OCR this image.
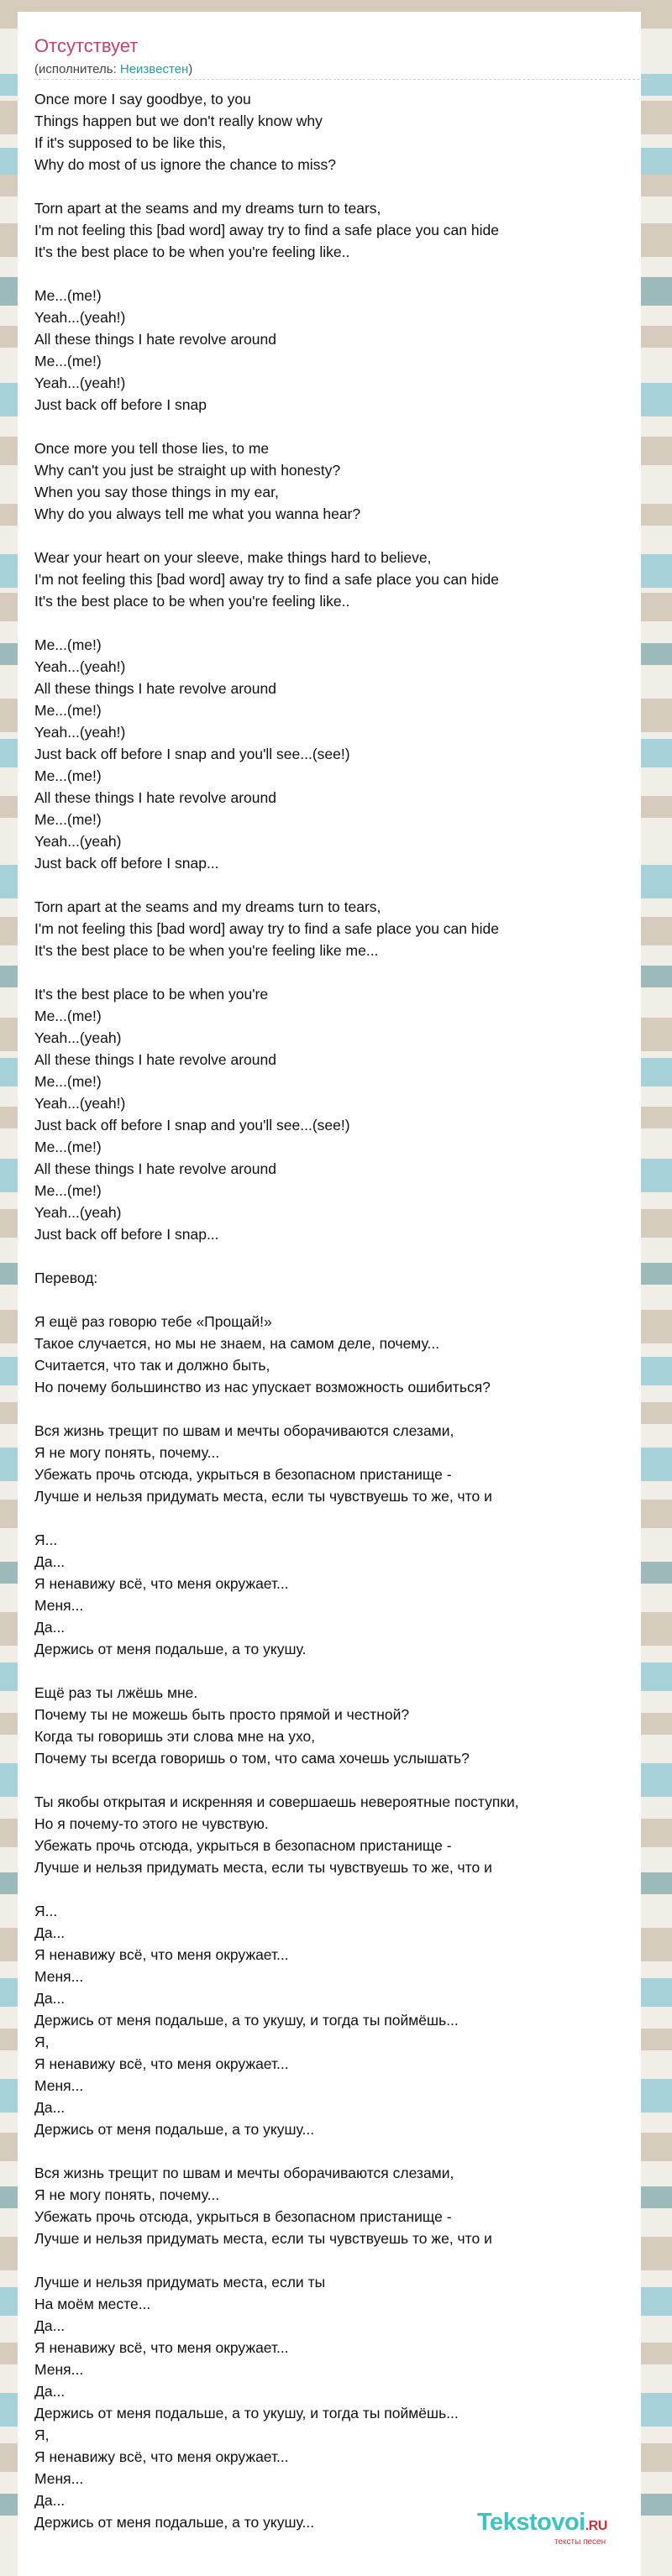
Отсутствует
(исполнитель: Неизвестен)
Once more I say goodbye, to you
Things happen but we don't really know why
If it's supposed to be like this,
Why do most of us ignore the chance to miss?
Torn apart at the seams and my dreams turn to tears,
I'm not feeling this [bad word] away try to find a safe place you can hide
It's the best place to be when you're feeling like..
Me...(me!)
Yeah...(yeah!)
All these things I hate revolve around
Me...(me!)
Yeah...(yeah!)
Just back off before I snap
Once more you tell those lies, to me
Why can't you just be straight up with honesty?
When you say those things in my ear,
Why do you always tell me what you wanna hear?
Wear your heart on your sleeve, make things hard to believe,
I'm not feeling this [bad word] away try to find a safe place you can hide
It's the best place to be when you're feeling like..
Me...(me!)
Yeah...(yeah!)
All these things I hate revolve around
Me...(me!)
Yeah...(yeah!)
Just back off before I snap and you'll see...(see!)
Me...(me!)
All these things I hate revolve around
Me...(me!)
Yeah...(yeah)
Just back off before I snap...
Torn apart at the seams and my dreams turn to tears,
I'm not feeling this [bad word] away try to find a safe place you can hide
It's the best place to be when you're feeling like me...
It's the best place to be when you're
Me...(me!)
Yeah...(yeah)
All these things I hate revolve around
Me...(me!)
Yeah...(yeah!)
Just back off before I snap and you'll see...(see!)
Me...(me!)
All these things I hate revolve around
Me...(me!)
Yeah...(yeah)
Just back off before I snap...
Перевод:
Я ещё раз говорю тебе «Прощай!»
Такое случается, но мы не знаем, на самом деле, почему...
Считается, что так и должно быть,
Но почему большинство из нас упускает возможность ошибиться?
Вся жизнь трещит по швам и мечты оборачиваются слезами,
Я не могу понять, почему...
Убежать прочь отсюда, укрыться в безопасном пристанище -
Лучше и нельзя придумать места, если ты чувствуешь то же, что и
Я...
Да...
Я ненавижу всё, что меня окружает...
Меня...
Да...
Держись от меня подальше, а то укушу.
Ещё раз ты лжёшь мне.
Почему ты не можешь быть просто прямой и честной?
Когда ты говоришь эти слова мне на ухо,
Почему ты всегда говоришь о том, что сама хочешь услышать?
Ты якобы открытая и искренняя и совершаешь невероятные поступки,
Но я почему-то этого не чувствую.
Убежать прочь отсюда, укрыться в безопасном пристанище -
Лучше и нельзя придумать места, если ты чувствуешь то же, что и
Я...
Да...
Я ненавижу всё, что меня окружает...
Меня...
Да...
Держись от меня подальше, а то укушу, и тогда ты поймёшь...
Я,
Я ненавижу всё, что меня окружает...
Меня...
Да...
Держись от меня подальше, а то укушу...
Вся жизнь трещит по швам и мечты оборачиваются слезами,
Я не могу понять, почему...
Убежать прочь отсюда, укрыться в безопасном пристанище -
Лучше и нельзя придумать места, если ты чувствуешь то же, что и
Лучше и нельзя придумать места, если ты
На моём месте...
Да...
Я ненавижу всё, что меня окружает...
Меня...
Да...
Держись от меня подальше, а то укушу, и тогда ты поймёшь...
Я,
Я ненавижу всё, что меня окружает...
Меня...
Да...
Держись от меня подальше, а то укушу...	Tekstovoi.RU
тексты песен
